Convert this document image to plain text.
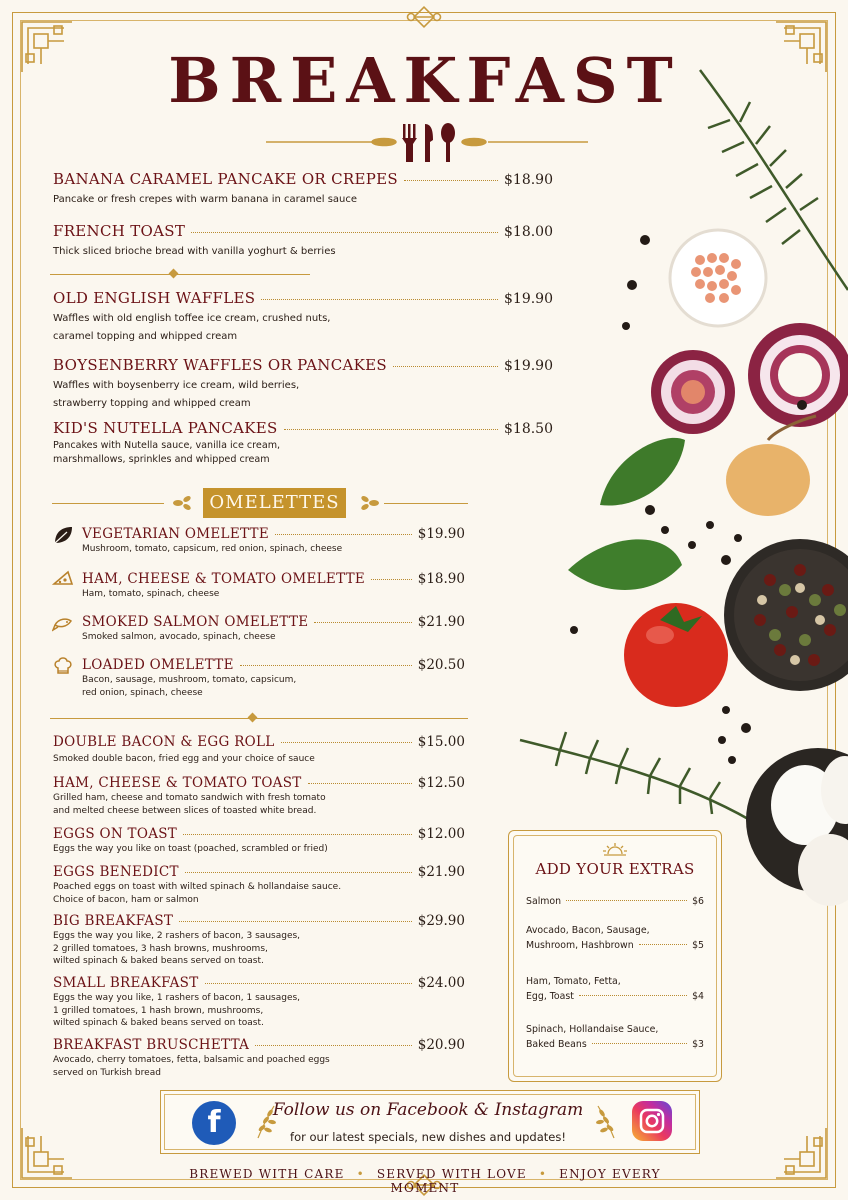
BREAKFAST
BANANA CARAMEL PANCAKE OR CREPES	$18.90
Pancake or fresh crepes with warm banana in caramel sauce
FRENCH TOAST	$18.00
Thick sliced brioche bread with vanilla yoghurt & berries
OLD ENGLISH WAFFLES	$19.90
Waffles with old english toffee ice cream, crushed nuts,
caramel topping and whipped cream
BOYSENBERRY WAFFLES OR PANCAKES	$19.90
Waffles with boysenberry ice cream, wild berries,
strawberry topping and whipped cream
KID'S NUTELLA PANCAKES	$18.50
Pancakes with Nutella sauce, vanilla ice cream,
marshmallows, sprinkles and whipped cream
OMELETTES
VEGETARIAN OMELETTE	$19.90
Mushroom, tomato, capsicum, red onion, spinach, cheese
HAM, CHEESE & TOMATO OMELETTE	$18.90
Ham, tomato, spinach, cheese
SMOKED SALMON OMELETTE	$21.90
Smoked salmon, avocado, spinach, cheese
LOADED OMELETTE	$20.50
Bacon, sausage, mushroom, tomato, capsicum,
red onion, spinach, cheese
DOUBLE BACON & EGG ROLL	$15.00
Smoked double bacon, fried egg and your choice of sauce
HAM, CHEESE & TOMATO TOAST	$12.50
Grilled ham, cheese and tomato sandwich with fresh tomato
and melted cheese between slices of toasted white bread.
EGGS ON TOAST	$12.00
Eggs the way you like on toast (poached, scrambled or fried)
EGGS BENEDICT	$21.90
Poached eggs on toast with wilted spinach & hollandaise sauce.
Choice of bacon, ham or salmon
BIG BREAKFAST	$29.90
Eggs the way you like, 2 rashers of bacon, 3 sausages,
2 grilled tomatoes, 3 hash browns, mushrooms,
wilted spinach & baked beans served on toast.
SMALL BREAKFAST	$24.00
Eggs the way you like, 1 rashers of bacon, 1 sausages,
1 grilled tomatoes, 1 hash brown, mushrooms,
wilted spinach & baked beans served on toast.
BREAKFAST BRUSCHETTA	$20.90
Avocado, cherry tomatoes, fetta, balsamic and poached eggs
served on Turkish bread
ADD YOUR EXTRAS
Salmon	$6
Avocado, Bacon, Sausage,
Mushroom, Hashbrown	$5
Ham, Tomato, Fetta,
Egg, Toast	$4
Spinach, Hollandaise Sauce,
Baked Beans	$3
f	Follow us on Facebook & Instagram
for our latest specials, new dishes and updates!
BREWED WITH CARE • SERVED WITH LOVE • ENJOY EVERY MOMENT
